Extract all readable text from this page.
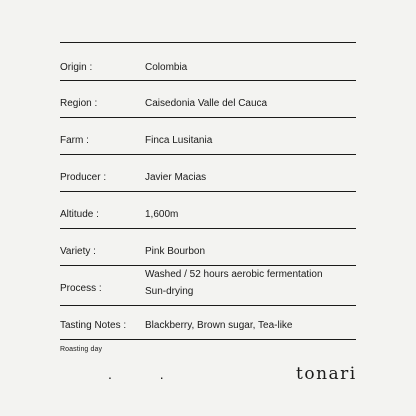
Origin :	Colombia
Region :	Caisedonia Valle del Cauca
Farm :	Finca Lusitania
Producer :	Javier Macias
Altitude :	1,600m
Variety :	Pink Bourbon
Process :
Washed / 52 hours aerobic fermentation
Sun-drying
Tasting Notes : Blackberry, Brown sugar, Tea-like
Roasting day
. .	tonari
